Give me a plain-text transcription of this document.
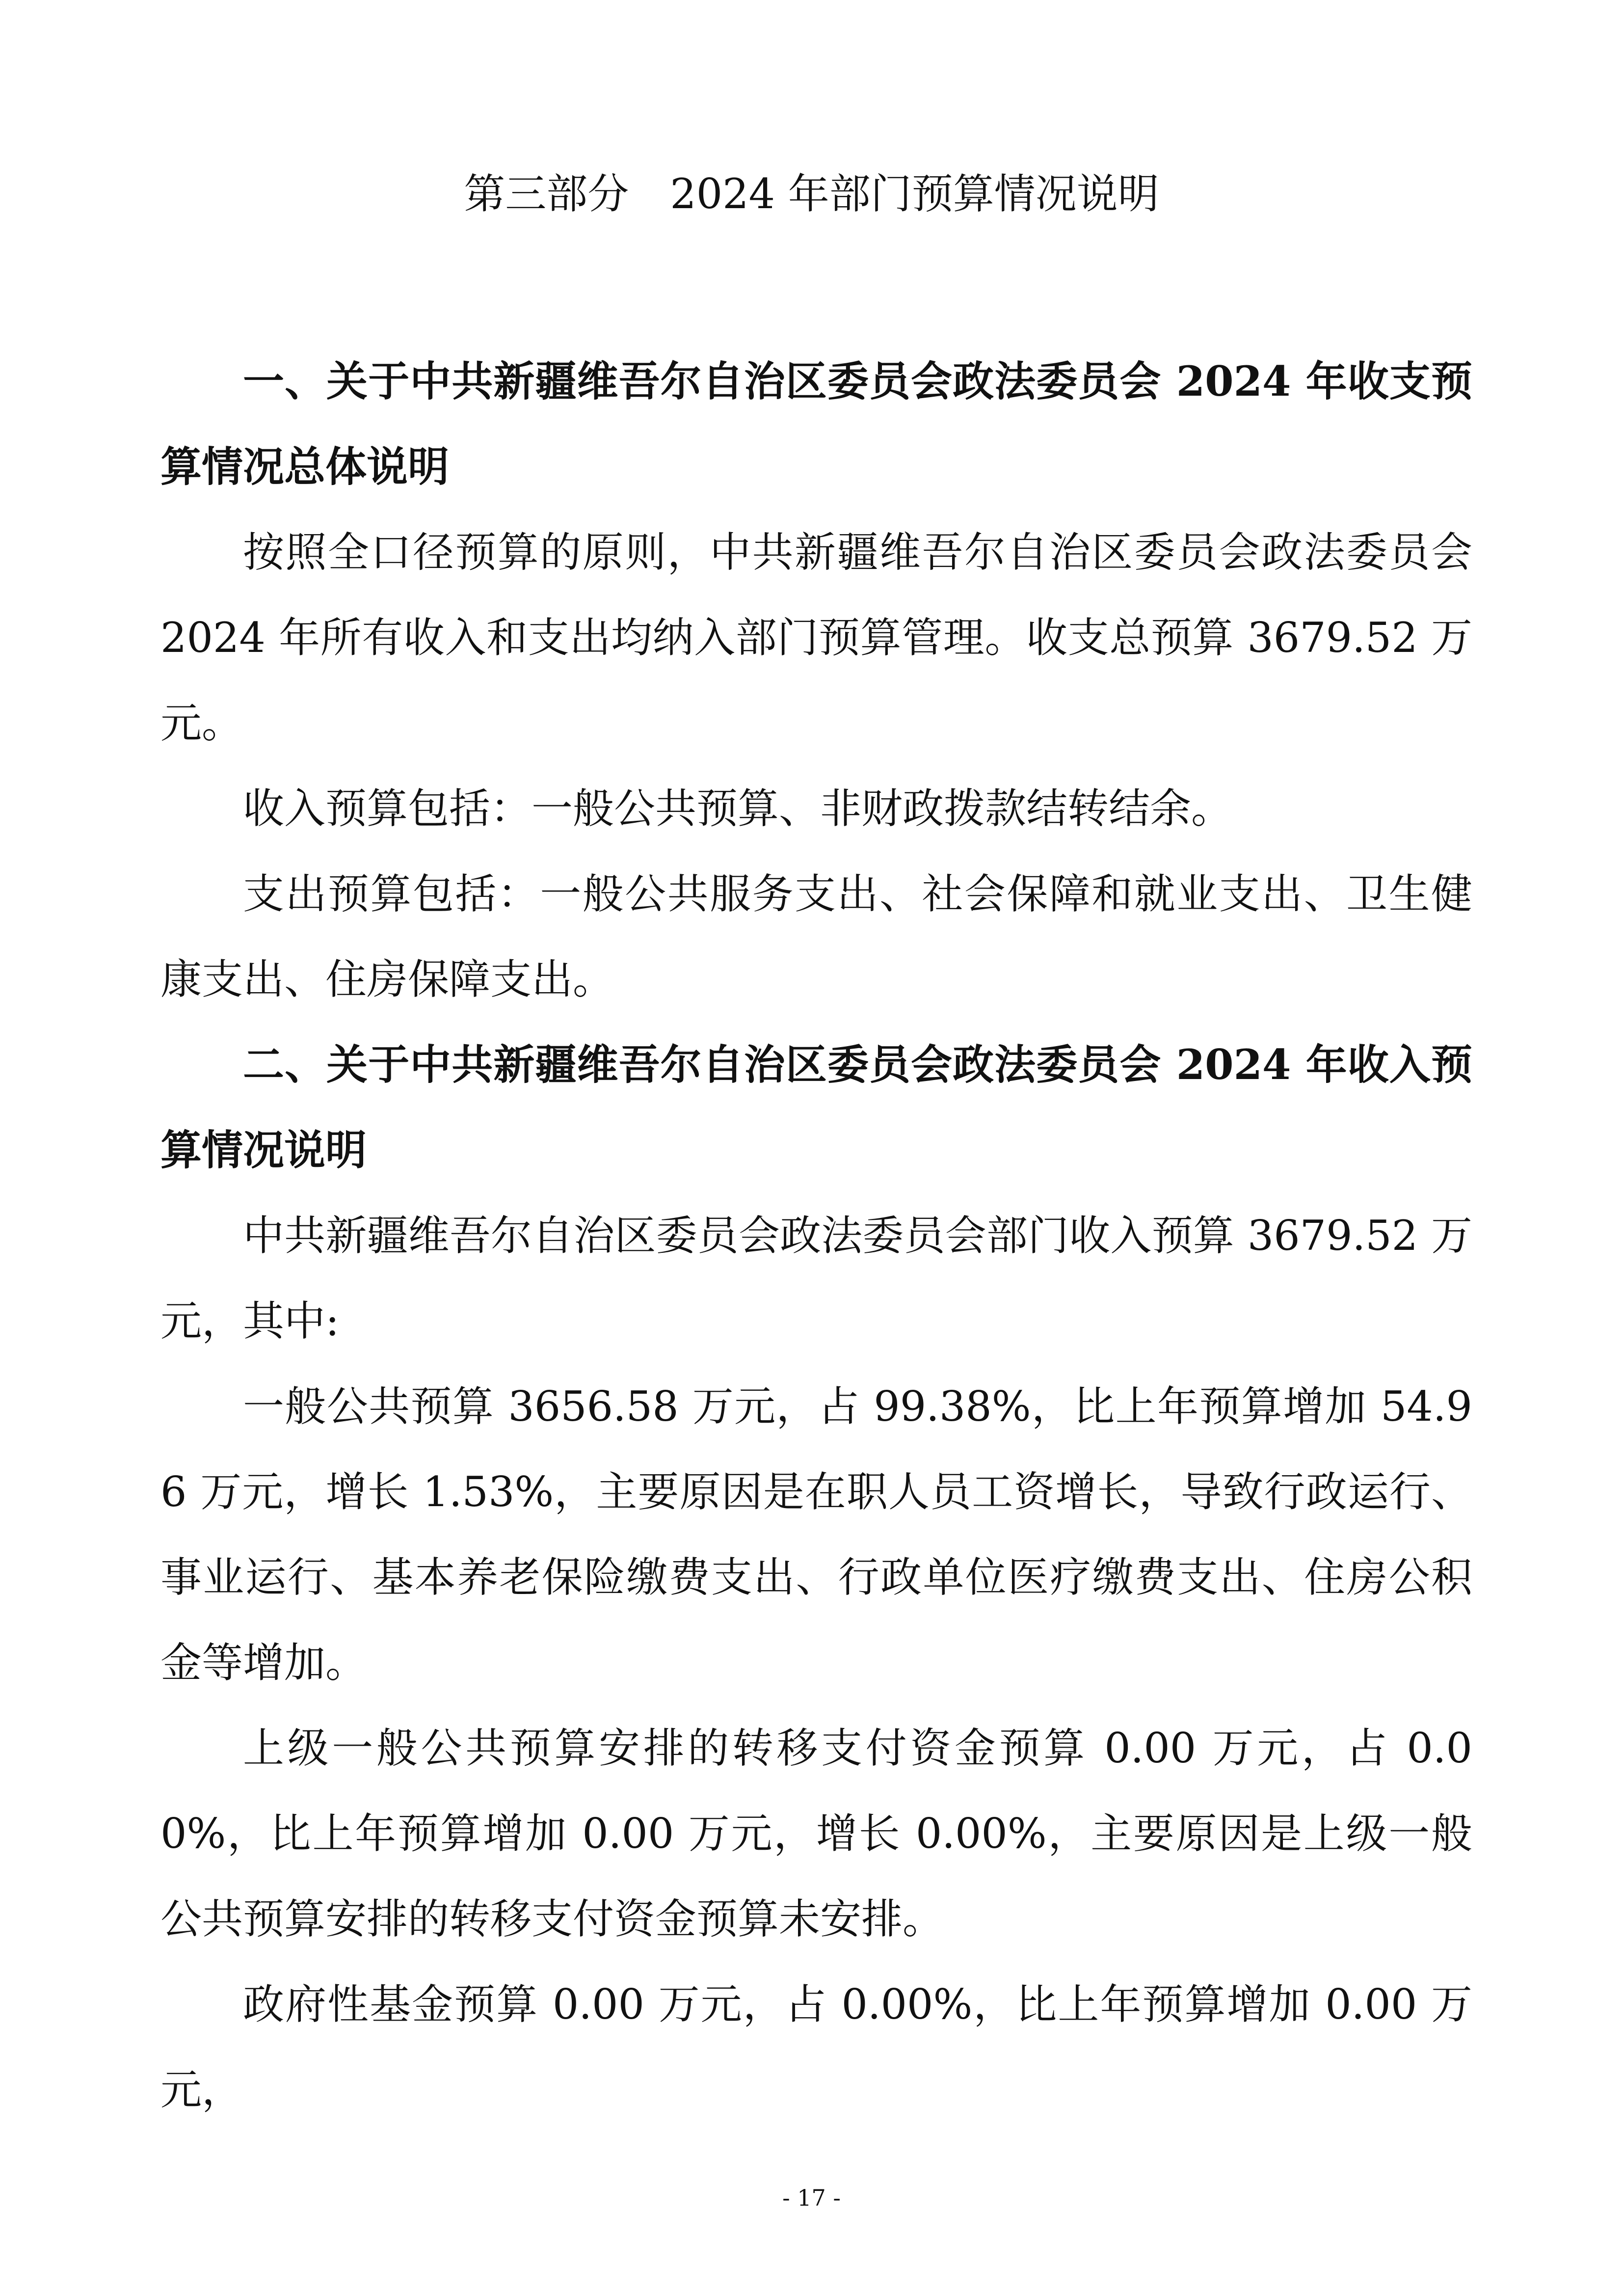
第三部分　2024 年部门预算情况说明

一、关于中共新疆维吾尔自治区委员会政法委员会 2024 年收支预算情况总体说明

按照全口径预算的原则，中共新疆维吾尔自治区委员会政法委员会 2024 年所有收入和支出均纳入部门预算管理。收支总预算 3679.52 万元。

收入预算包括：一般公共预算、非财政拨款结转结余。

支出预算包括：一般公共服务支出、社会保障和就业支出、卫生健康支出、住房保障支出。

二、关于中共新疆维吾尔自治区委员会政法委员会 2024 年收入预算情况说明

中共新疆维吾尔自治区委员会政法委员会部门收入预算 3679.52 万元，其中:

一般公共预算 3656.58 万元，占 99.38%，比上年预算增加 54.96 万元，增长 1.53%，主要原因是在职人员工资增长，导致行政运行、事业运行、基本养老保险缴费支出、行政单位医疗缴费支出、住房公积金等增加。

上级一般公共预算安排的转移支付资金预算 0.00 万元，占 0.00%，比上年预算增加 0.00 万元，增长 0.00%，主要原因是上级一般公共预算安排的转移支付资金预算未安排。

政府性基金预算 0.00 万元，占 0.00%，比上年预算增加 0.00 万元，

- 17 -
